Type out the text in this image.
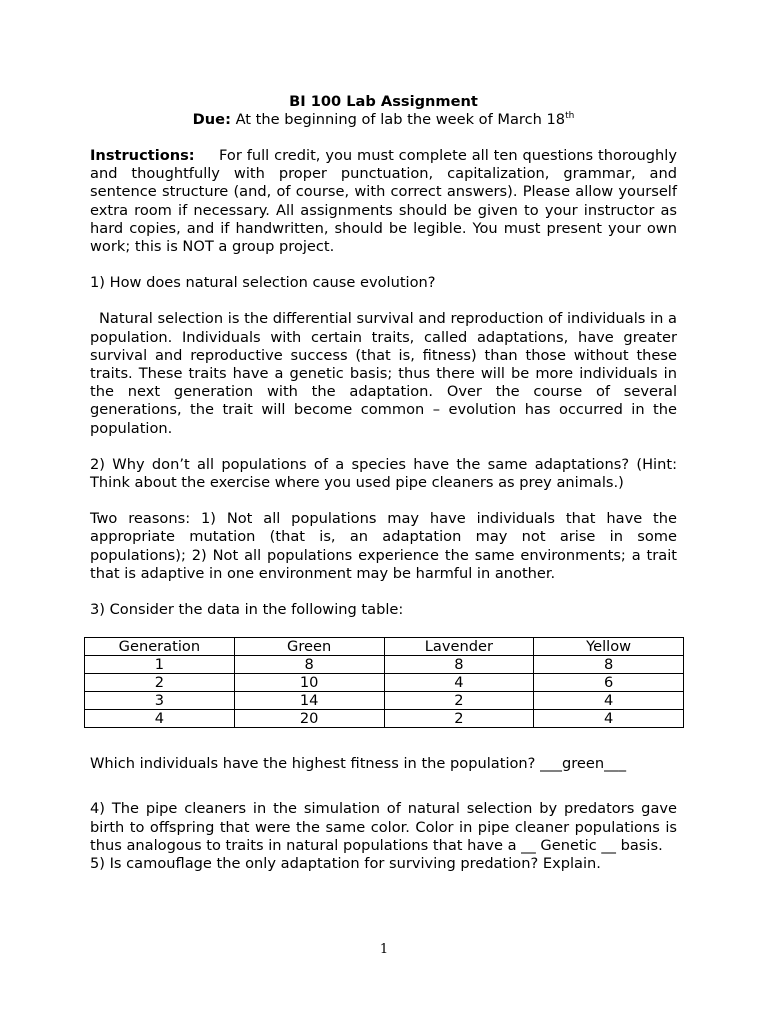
BI 100 Lab Assignment
Due: At the beginning of lab the week of March 18th

Instructions: For full credit, you must complete all ten questions thoroughly and thoughtfully with proper punctuation, capitalization, grammar, and sentence structure (and, of course, with correct answers). Please allow yourself extra room if necessary. All assignments should be given to your instructor as hard copies, and if handwritten, should be legible. You must present your own work; this is NOT a group project.

1) How does natural selection cause evolution?

Natural selection is the differential survival and reproduction of individuals in a population. Individuals with certain traits, called adaptations, have greater survival and reproductive success (that is, fitness) than those without these traits. These traits have a genetic basis; thus there will be more individuals in the next generation with the adaptation. Over the course of several generations, the trait will become common – evolution has occurred in the population.

2) Why don’t all populations of a species have the same adaptations? (Hint: Think about the exercise where you used pipe cleaners as prey animals.)

Two reasons: 1) Not all populations may have individuals that have the appropriate mutation (that is, an adaptation may not arise in some populations); 2) Not all populations experience the same environments; a trait that is adaptive in one environment may be harmful in another.

3) Consider the data in the following table:

Generation	Green	Lavender	Yellow
1	8	8	8
2	10	4	6
3	14	2	4
4	20	2	4

Which individuals have the highest fitness in the population? ___green___

4) The pipe cleaners in the simulation of natural selection by predators gave birth to offspring that were the same color. Color in pipe cleaner populations is thus analogous to traits in natural populations that have a __ Genetic __ basis.

5) Is camouflage the only adaptation for surviving predation? Explain.

1
